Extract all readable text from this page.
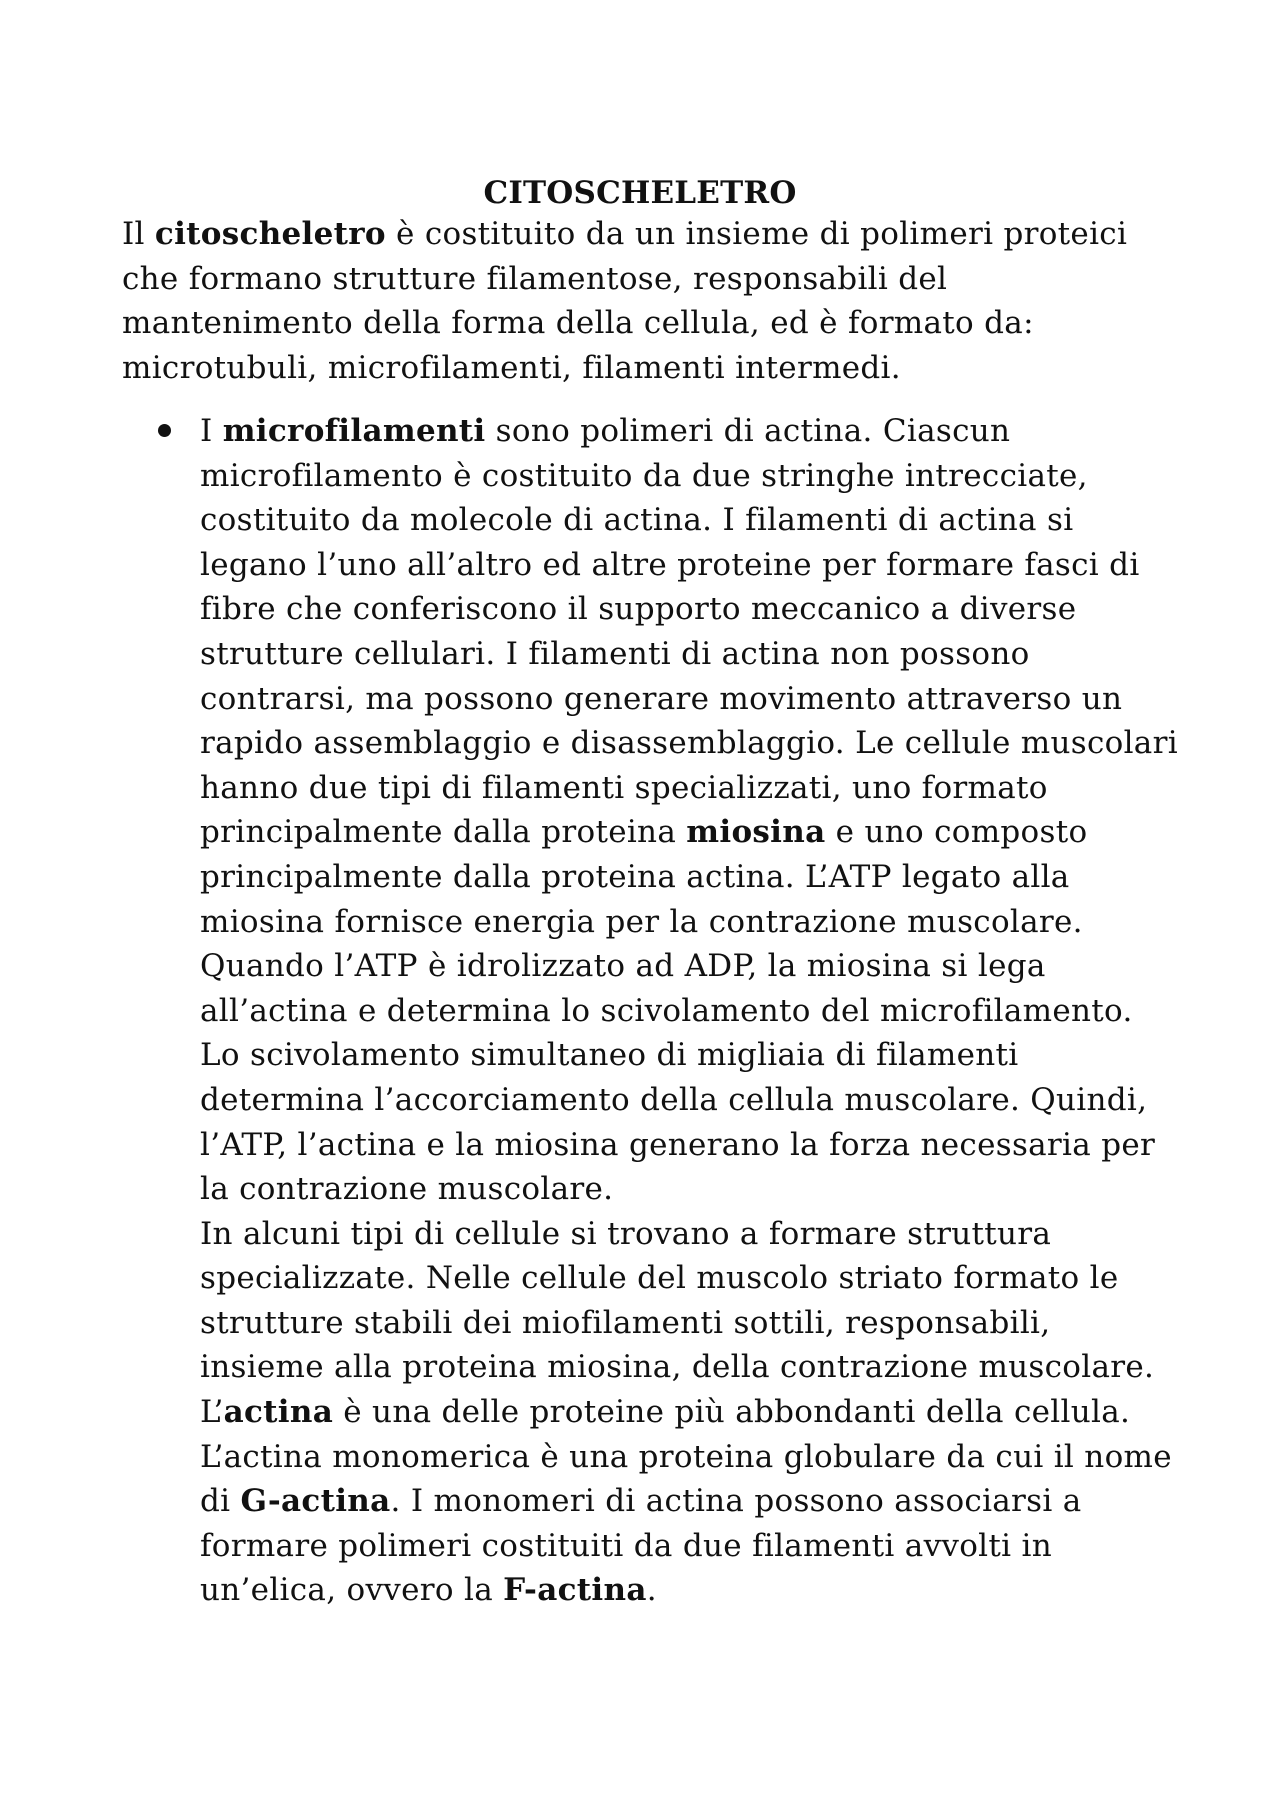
CITOSCHELETRO

Il citoscheletro è costituito da un insieme di polimeri proteici che formano strutture filamentose, responsabili del mantenimento della forma della cellula, ed è formato da: microtubuli, microfilamenti, filamenti intermedi.

I microfilamenti sono polimeri di actina. Ciascun microfilamento è costituito da due stringhe intrecciate, costituito da molecole di actina. I filamenti di actina si legano l’uno all’altro ed altre proteine per formare fasci di fibre che conferiscono il supporto meccanico a diverse strutture cellulari. I filamenti di actina non possono contrarsi, ma possono generare movimento attraverso un rapido assemblaggio e disassemblaggio. Le cellule muscolari hanno due tipi di filamenti specializzati, uno formato principalmente dalla proteina miosina e uno composto principalmente dalla proteina actina. L’ATP legato alla miosina fornisce energia per la contrazione muscolare. Quando l’ATP è idrolizzato ad ADP, la miosina si lega all’actina e determina lo scivolamento del microfilamento. Lo scivolamento simultaneo di migliaia di filamenti determina l’accorciamento della cellula muscolare. Quindi, l’ATP, l’actina e la miosina generano la forza necessaria per la contrazione muscolare.

In alcuni tipi di cellule si trovano a formare struttura specializzate. Nelle cellule del muscolo striato formato le strutture stabili dei miofilamenti sottili, responsabili, insieme alla proteina miosina, della contrazione muscolare. L’actina è una delle proteine più abbondanti della cellula. L’actina monomerica è una proteina globulare da cui il nome di G-actina. I monomeri di actina possono associarsi a formare polimeri costituiti da due filamenti avvolti in un’elica, ovvero la F-actina.
